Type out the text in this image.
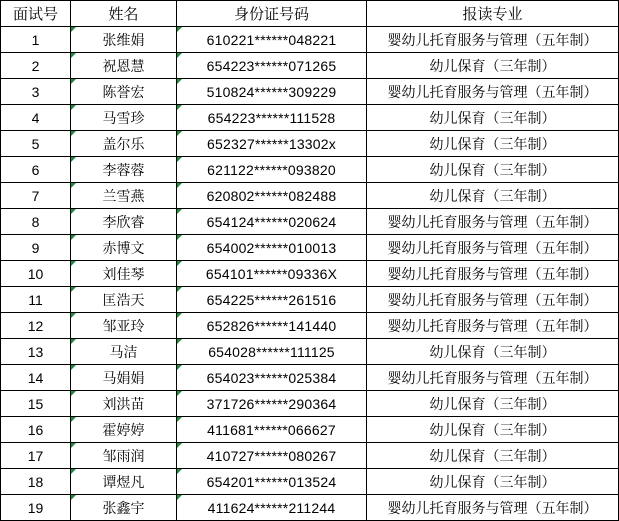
面试号	姓名	身份证号码	报读专业
1	张维娟	610221******048221	婴幼儿托育服务与管理（五年制）
2	祝恩慧	654223******071265	幼儿保育（三年制）
3	陈誉宏	510824******309229	婴幼儿托育服务与管理（五年制）
4	马雪珍	654223******111528	幼儿保育（三年制）
5	盖尔乐	652327******13302x	幼儿保育（三年制）
6	李蓉蓉	621122******093820	幼儿保育（三年制）
7	兰雪燕	620802******082488	幼儿保育（三年制）
8	李欣睿	654124******020624	婴幼儿托育服务与管理（五年制）
9	赤博文	654002******010013	婴幼儿托育服务与管理（五年制）
10	刘佳琴	654101******09336X	婴幼儿托育服务与管理（五年制）
11	匡浩天	654225******261516	婴幼儿托育服务与管理（五年制）
12	邹亚玲	652826******141440	婴幼儿托育服务与管理（五年制）
13	马洁	654028******111125	幼儿保育（三年制）
14	马娟娟	654023******025384	婴幼儿托育服务与管理（五年制）
15	刘洪苗	371726******290364	幼儿保育（三年制）
16	霍婷婷	411681******066627	幼儿保育（三年制）
17	邹雨润	410727******080267	幼儿保育（三年制）
18	谭煜凡	654201******013524	幼儿保育（三年制）
19	张鑫宇	411624******211244	婴幼儿托育服务与管理（五年制）
